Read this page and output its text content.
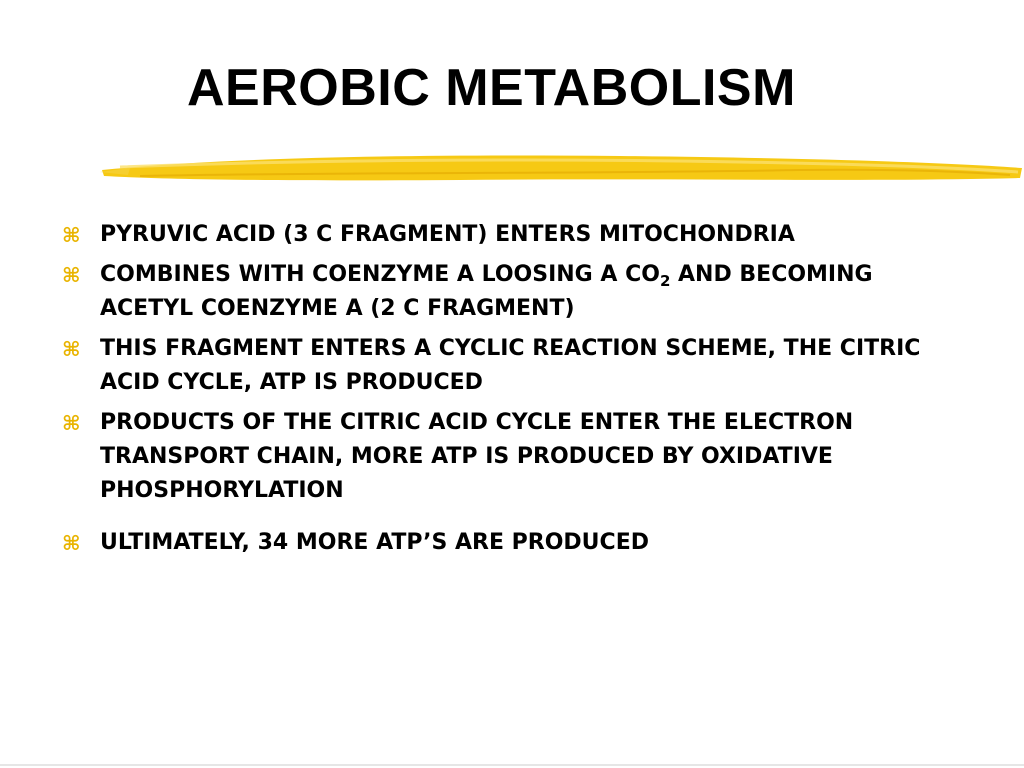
AEROBIC METABOLISM
⌘ PYRUVIC ACID (3 C FRAGMENT) ENTERS MITOCHONDRIA
⌘ COMBINES WITH COENZYME A LOOSING A $CO_2$ AND BECOMING ACETYL COENZYME A (2 C FRAGMENT)
⌘ THIS FRAGMENT ENTERS A CYCLIC REACTION SCHEME, THE CITRIC ACID CYCLE, ATP IS PRODUCED
⌘ PRODUCTS OF THE CITRIC ACID CYCLE ENTER THE ELECTRON TRANSPORT CHAIN, MORE ATP IS PRODUCED BY OXIDATIVE PHOSPHORYLATION
⌘ ULTIMATELY, 34 MORE ATP’S ARE PRODUCED
